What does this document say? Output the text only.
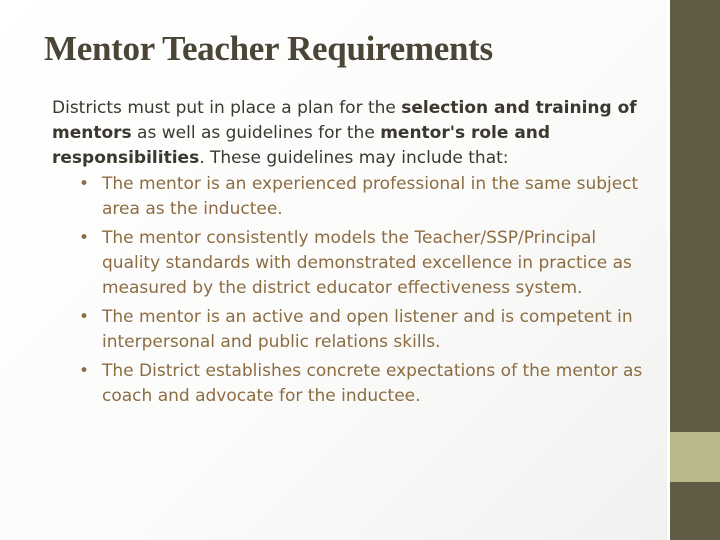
Mentor Teacher Requirements

Districts must put in place a plan for the selection and training of mentors as well as guidelines for the mentor's role and responsibilities. These guidelines may include that:

• The mentor is an experienced professional in the same subject area as the inductee.
• The mentor consistently models the Teacher/SSP/Principal quality standards with demonstrated excellence in practice as measured by the district educator effectiveness system.
• The mentor is an active and open listener and is competent in interpersonal and public relations skills.
• The District establishes concrete expectations of the mentor as coach and advocate for the inductee.
